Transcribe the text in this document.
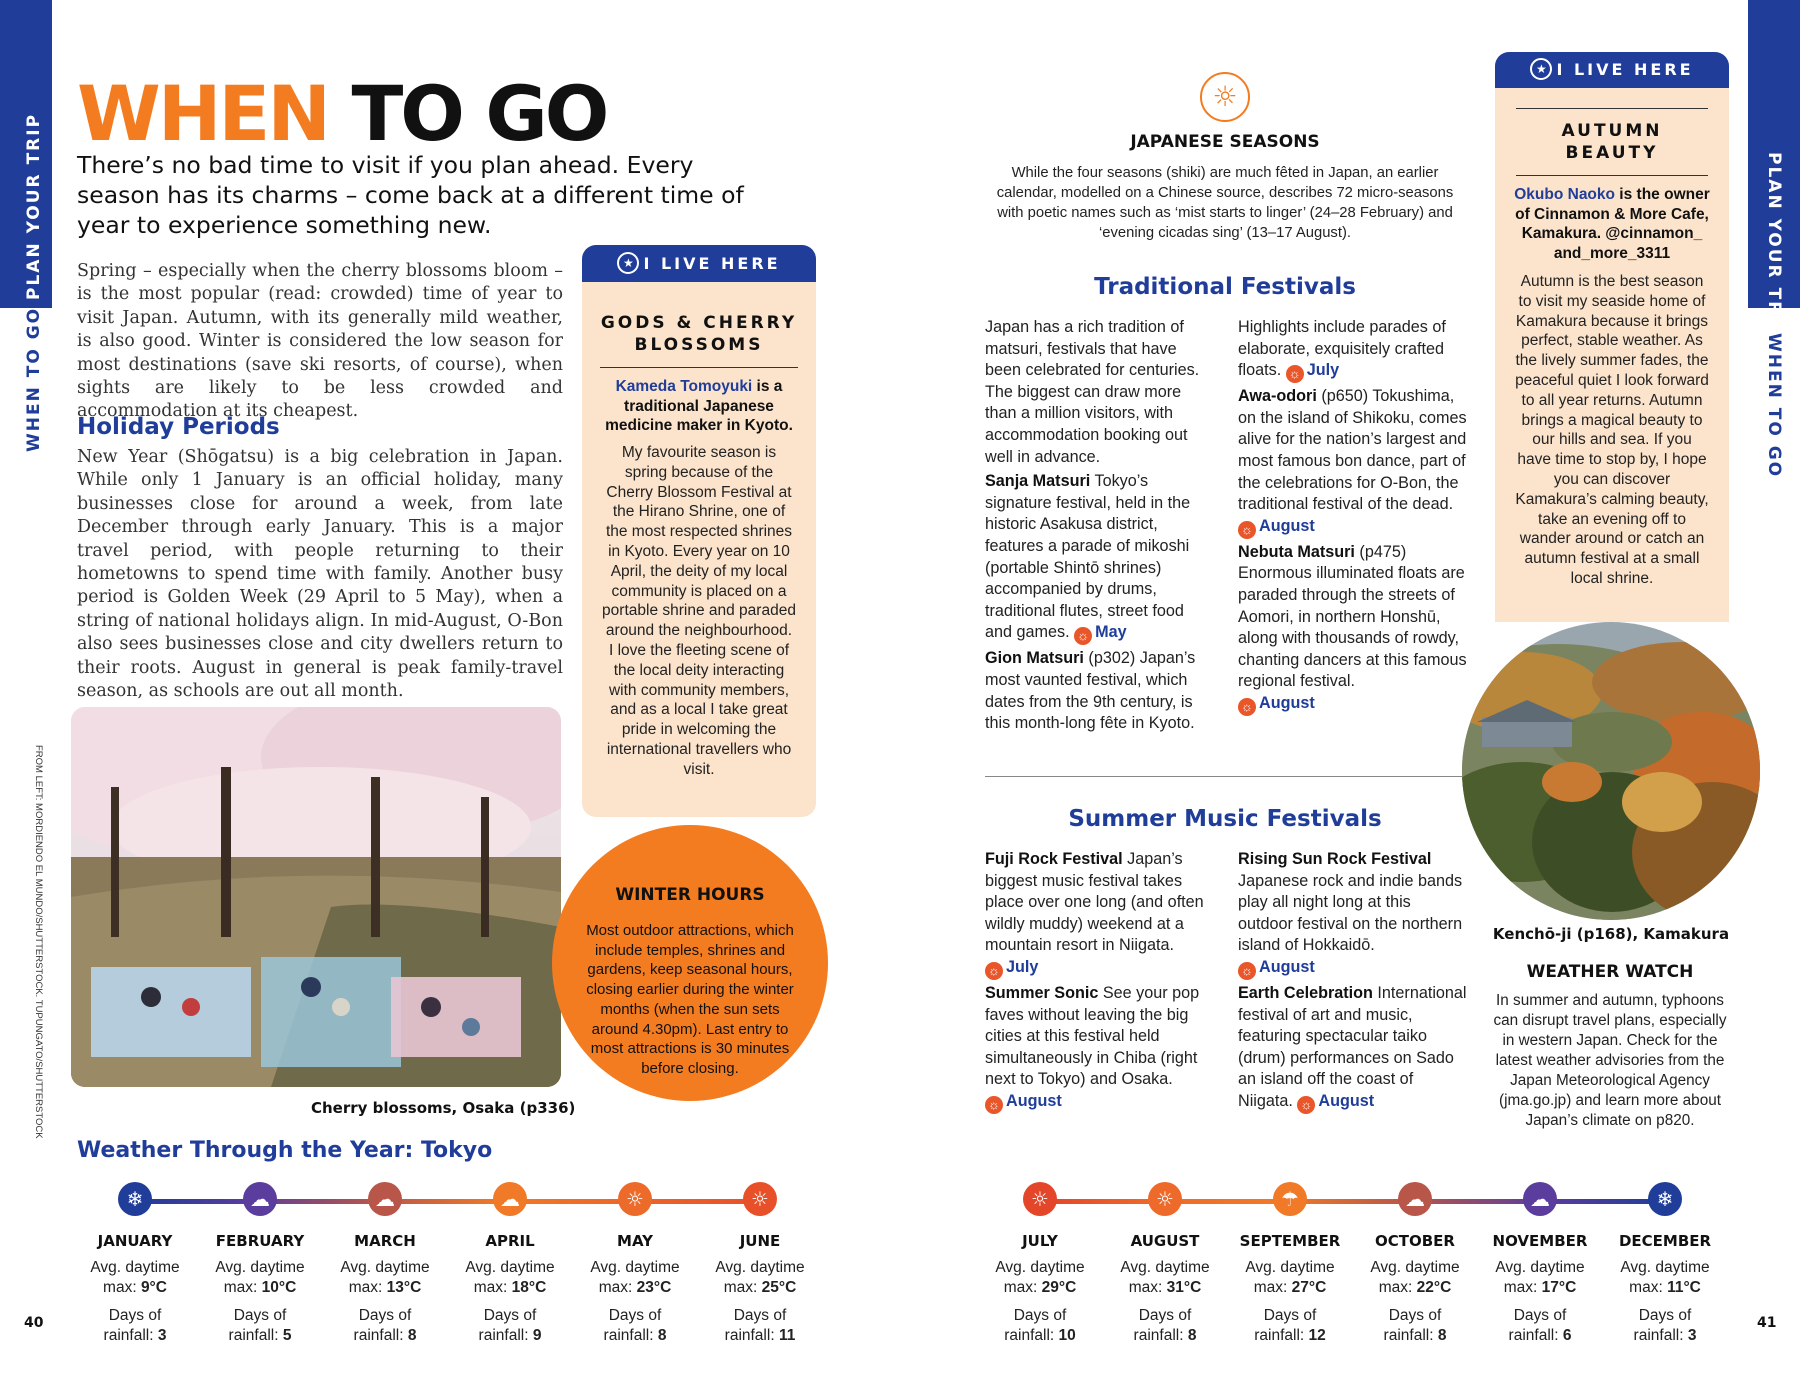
PLAN YOUR TRIP
WHEN TO GO
PLAN YOUR TRIP
WHEN TO GO
WHEN TO GO
There’s no bad time to visit if you plan ahead. Every season has its charms – come back at a different time of year to experience something new.
Spring – especially when the cherry blossoms bloom – is the most popular (read: crowded) time of year to visit Japan. Autumn, with its generally mild weather, is also good. Winter is considered the low season for most destinations (save ski resorts, of course), when sights are likely to be less crowded and accommodation at its cheapest.
Holiday Periods
New Year (Shōgatsu) is a big celebration in Japan. While only 1 January is an official holiday, many businesses close for around a week, from late December through early January. This is a major travel period, with people returning to their hometowns to spend time with family. Another busy period is Golden Week (29 April to 5 May), when a string of national holidays align. In mid-August, O-Bon also sees businesses close and city dwellers return to their roots. August in general is peak family-travel season, as schools are out all month.
FROM LEFT: MORDIENDO EL MUNDO/SHUTTERSTOCK. TUPUNGATO/SHUTTERSTOCK	Cherry blossoms, Osaka (p336)
★ I LIVE HERE
GODS & CHERRY BLOSSOMS
Kameda Tomoyuki is a traditional Japanese medicine maker in Kyoto.
My favourite season is spring because of the Cherry Blossom Festival at the Hirano Shrine, one of the most respected shrines in Kyoto. Every year on 10 April, the deity of my local community is placed on a portable shrine and paraded around the neighbourhood. I love the fleeting scene of the local deity interacting with community members, and as a local I take great pride in welcoming the international travellers who visit.
WINTER HOURS
Most outdoor attractions, which include temples, shrines and gardens, keep seasonal hours, closing earlier during the winter months (when the sun sets around 4.30pm). Last entry to most attractions is 30 minutes before closing.
☼
JAPANESE SEASONS
While the four seasons (shiki) are much fêted in Japan, an earlier calendar, modelled on a Chinese source, describes 72 micro-seasons with poetic names such as ‘mist starts to linger’ (24–28 February) and ‘evening cicadas sing’ (13–17 August).
Traditional Festivals

Japan has a rich tradition of matsuri, festivals that have been celebrated for centuries. The biggest can draw more than a million visitors, with accommodation booking out well in advance.

Sanja Matsuri Tokyo’s signature festival, held in the historic Asakusa district, features a parade of mikoshi (portable Shintō shrines) accompanied by drums, traditional flutes, street food and games. ☼ May

Gion Matsuri (p302) Japan’s most vaunted festival, which dates from the 9th century, is this month-long fête in Kyoto.

Highlights include parades of elaborate, exquisitely crafted floats. ☼ July

Awa-odori (p650) Tokushima, on the island of Shikoku, comes alive for the nation’s largest and most famous bon dance, part of the celebrations for O-Bon, the traditional festival of the dead. ☼ August

Nebuta Matsuri (p475) Enormous illuminated floats are paraded through the streets of Aomori, in northern Honshū, along with thousands of rowdy, chanting dancers at this famous regional festival.
☼ August

Summer Music Festivals

Fuji Rock Festival Japan’s biggest music festival takes place over one long (and often wildly muddy) weekend at a mountain resort in Niigata.
☼ July

Summer Sonic See your pop faves without leaving the big cities at this festival held simultaneously in Chiba (right next to Tokyo) and Osaka.
☼ August

Rising Sun Rock Festival Japanese rock and indie bands play all night long at this outdoor festival on the northern island of Hokkaidō.
☼ August

Earth Celebration International festival of art and music, featuring spectacular taiko (drum) performances on Sado an island off the coast of Niigata. ☼ August

★ I LIVE HERE
AUTUMN BEAUTY
Okubo Naoko is the owner of Cinnamon & More Cafe, Kamakura. @cinnamon_ and_more_3311
Autumn is the best season to visit my seaside home of Kamakura because it brings perfect, stable weather. As the lively summer fades, the peaceful quiet I look forward to all year returns. Autumn brings a magical beauty to our hills and sea. If you have time to stop by, I hope you can discover Kamakura’s calming beauty, take an evening off to wander around or catch an autumn festival at a small local shrine.
Kenchō-ji (p168), Kamakura
WEATHER WATCH
In summer and autumn, typhoons can disrupt travel plans, especially in western Japan. Check for the latest weather advisories from the Japan Meteorological Agency (jma.go.jp) and learn more about Japan’s climate on p820.
Weather Through the Year: Tokyo
❄
JANUARY
Avg. daytime
max: 9°C
Days of
rainfall: 3
☁
FEBRUARY
Avg. daytime
max: 10°C
Days of
rainfall: 5
☁
MARCH
Avg. daytime
max: 13°C
Days of
rainfall: 8
☁
APRIL
Avg. daytime
max: 18°C
Days of
rainfall: 9
☼
MAY
Avg. daytime
max: 23°C
Days of
rainfall: 8
☼
JUNE
Avg. daytime
max: 25°C
Days of
rainfall: 11
☼
JULY
Avg. daytime
max: 29°C
Days of
rainfall: 10
☼
AUGUST
Avg. daytime
max: 31°C
Days of
rainfall: 8
☂
SEPTEMBER
Avg. daytime
max: 27°C
Days of
rainfall: 12
☁
OCTOBER
Avg. daytime
max: 22°C
Days of
rainfall: 8
☁
NOVEMBER
Avg. daytime
max: 17°C
Days of
rainfall: 6
❄
DECEMBER
Avg. daytime
max: 11°C
Days of
rainfall: 3
40	41
